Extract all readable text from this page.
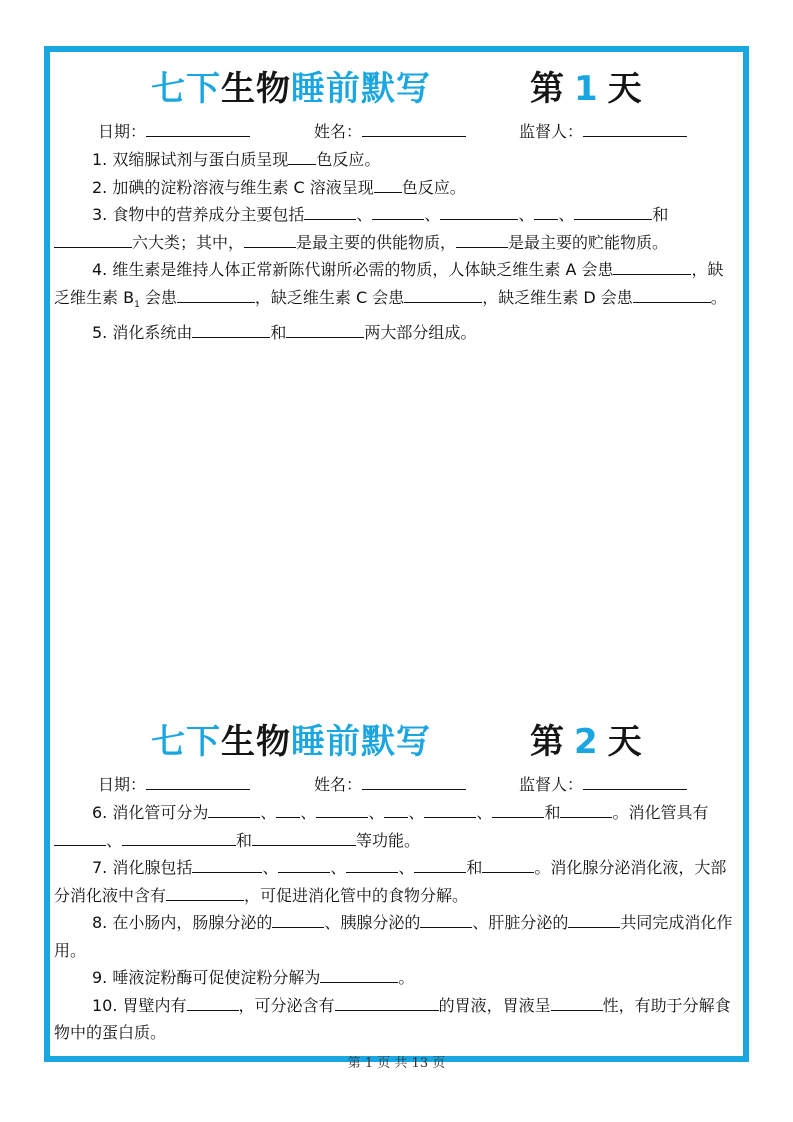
七下生物睡前默写	第 1 天
日期：	姓名：	监督人：

1. 双缩脲试剂与蛋白质呈现 色反应。

2. 加碘的淀粉溶液与维生素 C 溶液呈现 色反应。

3. 食物中的营养成分主要包括	、	、	、 、	和六大类；其中，	是最主要的供能物质，	是最主要的贮能物质。

4. 维生素是维持人体正常新陈代谢所必需的物质，人体缺乏维生素 A 会患	，缺乏维生素 $B_1$ 会患	，缺乏维生素 C 会患	，缺乏维生素 D 会患	。

5. 消化系统由	和	两大部分组成。

七下生物睡前默写	第 2 天
日期：	姓名：	监督人：

6. 消化管可分为	、 、	、 、	、	和	。消化管具有、	和	等功能。

7. 消化腺包括	、	、	、	和	。消化腺分泌消化液，大部分消化液中含有	，可促进消化管中的食物分解。

8. 在小肠内，肠腺分泌的	、胰腺分泌的	、肝脏分泌的	共同完成消化作用。

9. 唾液淀粉酶可促使淀粉分解为	。

10. 胃壁内有	，可分泌含有	的胃液，胃液呈	性，有助于分解食物中的蛋白质。

第 1 页 共 13 页
